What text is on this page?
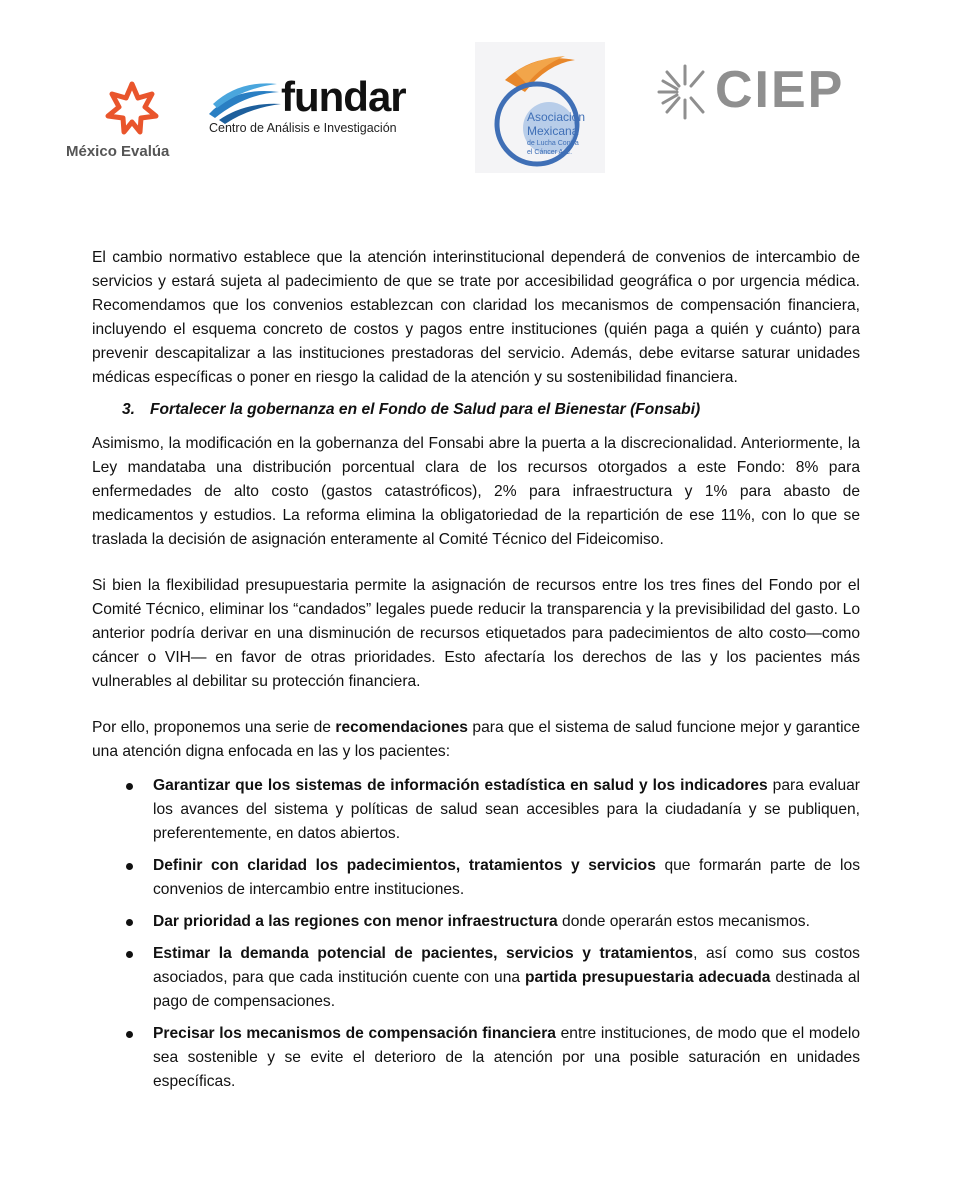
México Evalúa
fundar
Centro de Análisis e Investigación
Asociación
Mexicana
de Lucha Contra
el Cáncer A.C.
CIEP

El cambio normativo establece que la atención interinstitucional dependerá de convenios de intercambio de servicios y estará sujeta al padecimiento de que se trate por accesibilidad geográfica o por urgencia médica. Recomendamos que los convenios establezcan con claridad los mecanismos de compensación financiera, incluyendo el esquema concreto de costos y pagos entre instituciones (quién paga a quién y cuánto) para prevenir descapitalizar a las instituciones prestadoras del servicio. Además, debe evitarse saturar unidades médicas específicas o poner en riesgo la calidad de la atención y su sostenibilidad financiera.

3. Fortalecer la gobernanza en el Fondo de Salud para el Bienestar (Fonsabi)

Asimismo, la modificación en la gobernanza del Fonsabi abre la puerta a la discrecionalidad. Anteriormente, la Ley mandataba una distribución porcentual clara de los recursos otorgados a este Fondo: 8% para enfermedades de alto costo (gastos catastróficos), 2% para infraestructura y 1% para abasto de medicamentos y estudios. La reforma elimina la obligatoriedad de la repartición de ese 11%, con lo que se traslada la decisión de asignación enteramente al Comité Técnico del Fideicomiso.

Si bien la flexibilidad presupuestaria permite la asignación de recursos entre los tres fines del Fondo por el Comité Técnico, eliminar los “candados” legales puede reducir la transparencia y la previsibilidad del gasto. Lo anterior podría derivar en una disminución de recursos etiquetados para padecimientos de alto costo—como cáncer o VIH— en favor de otras prioridades. Esto afectaría los derechos de las y los pacientes más vulnerables al debilitar su protección financiera.

Por ello, proponemos una serie de recomendaciones para que el sistema de salud funcione mejor y garantice una atención digna enfocada en las y los pacientes:

Garantizar que los sistemas de información estadística en salud y los indicadores para evaluar los avances del sistema y políticas de salud sean accesibles para la ciudadanía y se publiquen, preferentemente, en datos abiertos.
Definir con claridad los padecimientos, tratamientos y servicios que formarán parte de los convenios de intercambio entre instituciones.
Dar prioridad a las regiones con menor infraestructura donde operarán estos mecanismos.
Estimar la demanda potencial de pacientes, servicios y tratamientos, así como sus costos asociados, para que cada institución cuente con una partida presupuestaria adecuada destinada al pago de compensaciones.
Precisar los mecanismos de compensación financiera entre instituciones, de modo que el modelo sea sostenible y se evite el deterioro de la atención por una posible saturación en unidades específicas.
